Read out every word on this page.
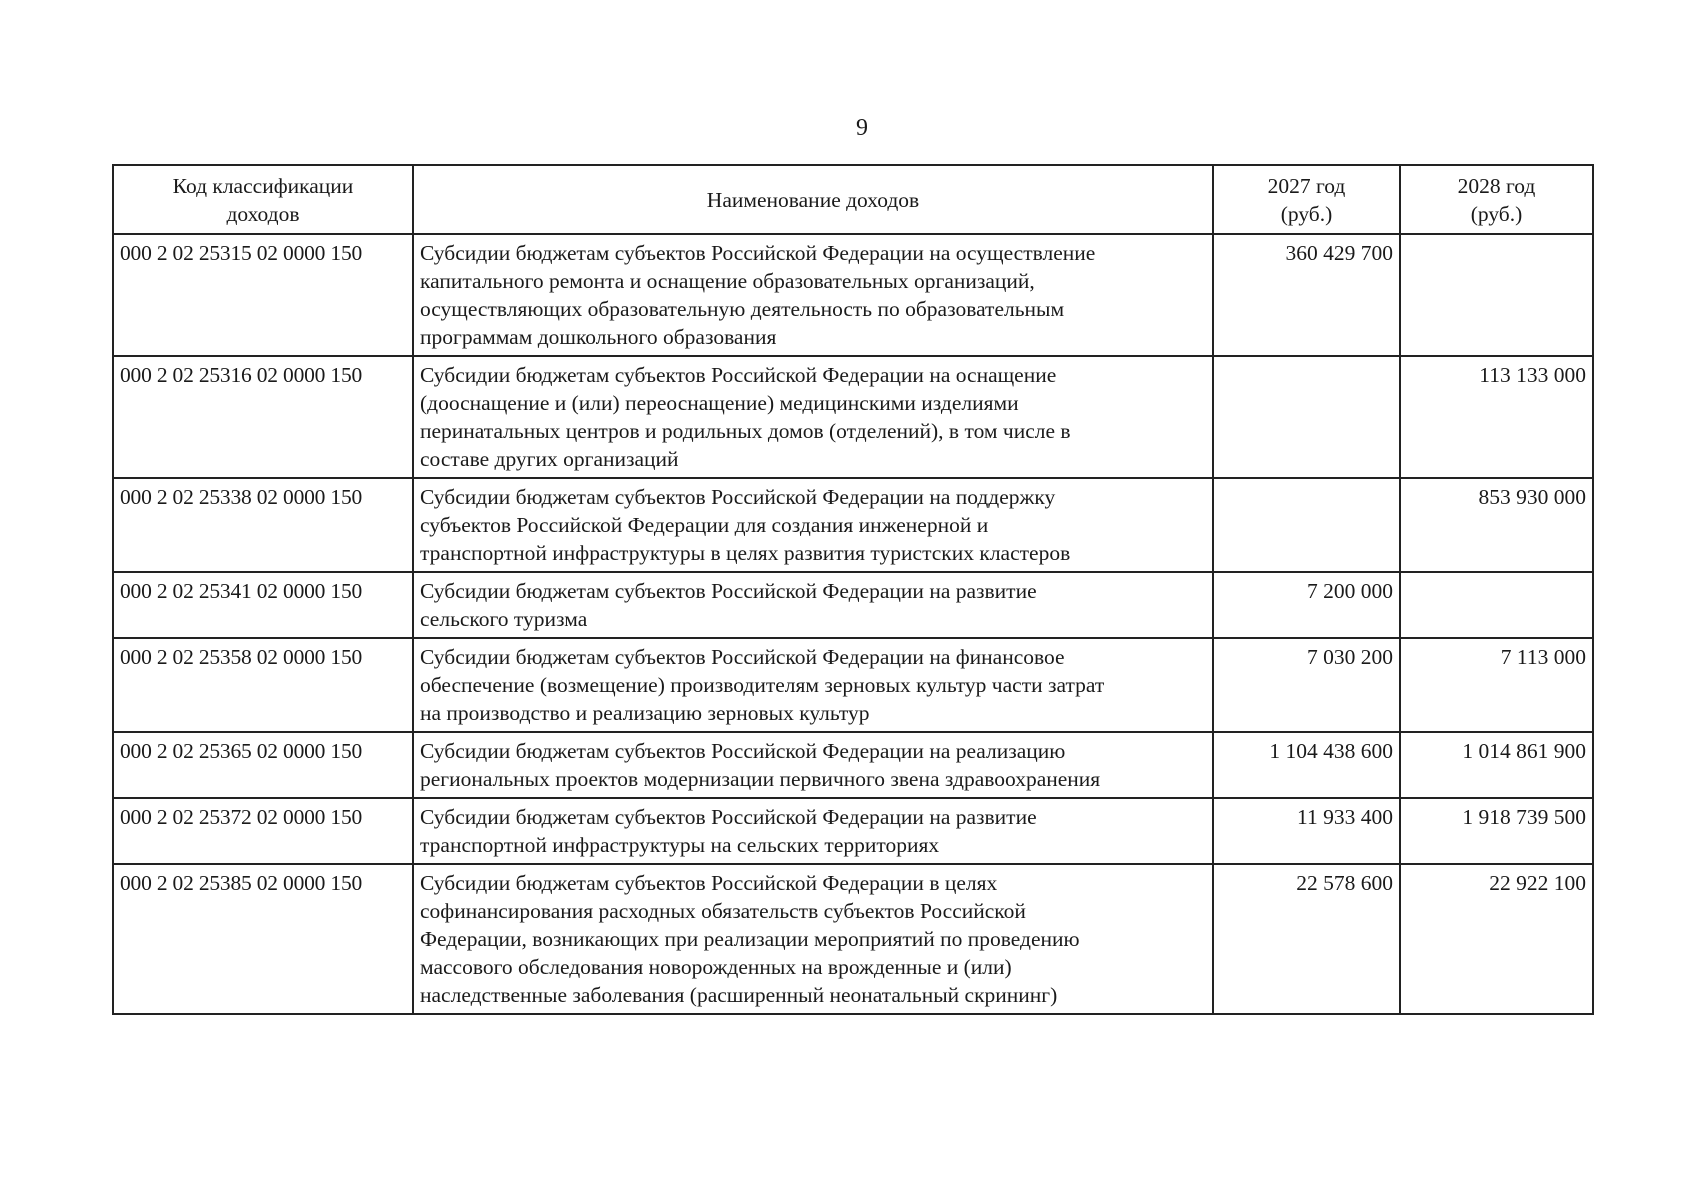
9
Код классификации
доходов	Наименование доходов	2027 год
(руб.)	2028 год
(руб.)

000 2 02 25315 02 0000 150	Субсидии бюджетам субъектов Российской Федерации на осуществление
капитального ремонта и оснащение образовательных организаций,
осуществляющих образовательную деятельность по образовательным
программам дошкольного образования	360 429 700	
000 2 02 25316 02 0000 150	Субсидии бюджетам субъектов Российской Федерации на оснащение
(дооснащение и (или) переоснащение) медицинскими изделиями
перинатальных центров и родильных домов (отделений), в том числе в
составе других организаций		113 133 000
000 2 02 25338 02 0000 150	Субсидии бюджетам субъектов Российской Федерации на поддержку
субъектов Российской Федерации для создания инженерной и
транспортной инфраструктуры в целях развития туристских кластеров		853 930 000
000 2 02 25341 02 0000 150	Субсидии бюджетам субъектов Российской Федерации на развитие
сельского туризма	7 200 000	
000 2 02 25358 02 0000 150	Субсидии бюджетам субъектов Российской Федерации на финансовое
обеспечение (возмещение) производителям зерновых культур части затрат
на производство и реализацию зерновых культур	7 030 200	7 113 000
000 2 02 25365 02 0000 150	Субсидии бюджетам субъектов Российской Федерации на реализацию
региональных проектов модернизации первичного звена здравоохранения	1 104 438 600	1 014 861 900
000 2 02 25372 02 0000 150	Субсидии бюджетам субъектов Российской Федерации на развитие
транспортной инфраструктуры на сельских территориях	11 933 400	1 918 739 500
000 2 02 25385 02 0000 150	Субсидии бюджетам субъектов Российской Федерации в целях
софинансирования расходных обязательств субъектов Российской
Федерации, возникающих при реализации мероприятий по проведению
массового обследования новорожденных на врожденные и (или)
наследственные заболевания (расширенный неонатальный скрининг)	22 578 600	22 922 100
